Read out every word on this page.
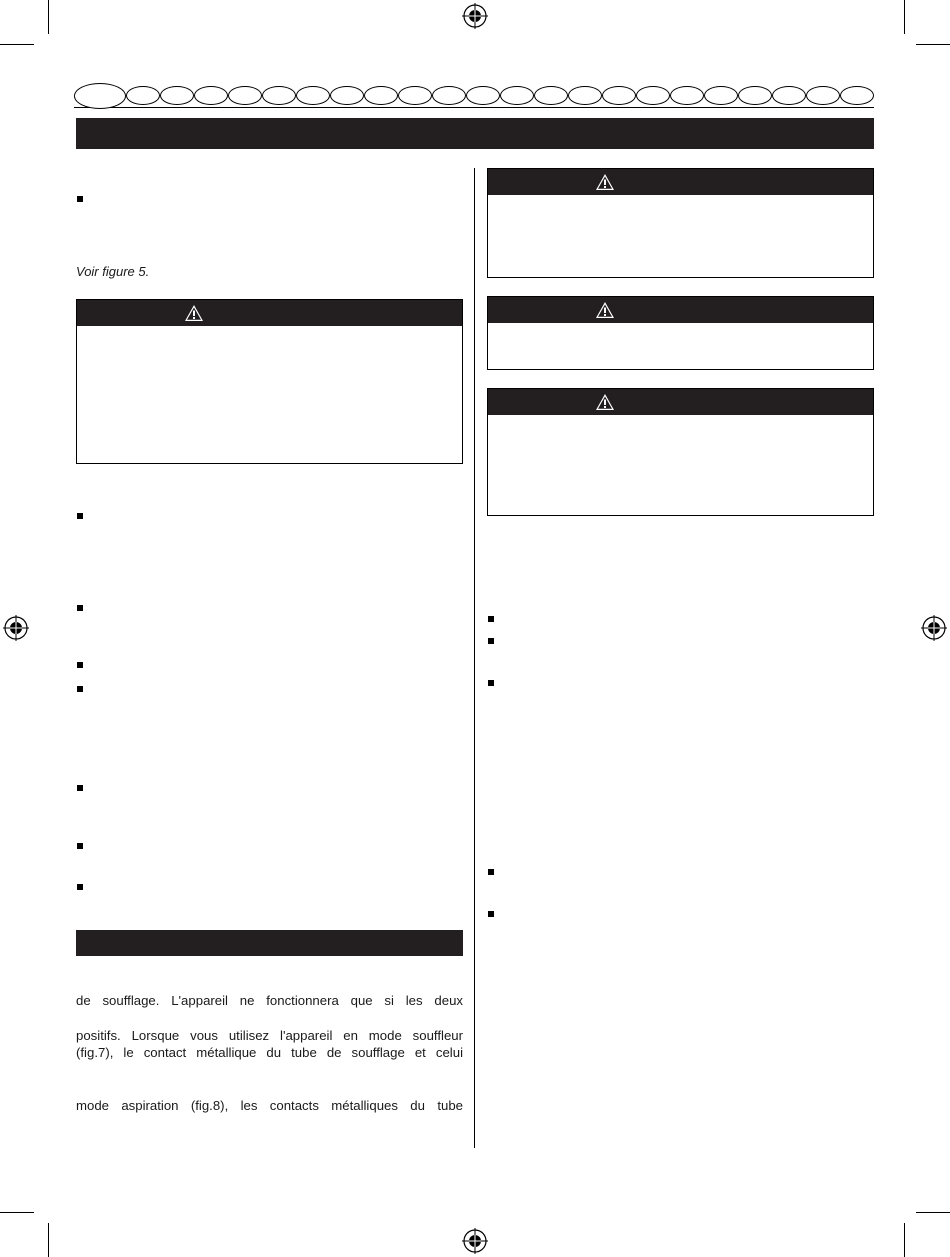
Voir figure 5.
de soufflage. L'appareil ne fonctionnera que si les deux
positifs. Lorsque vous utilisez l'appareil en mode souffleur
(fig.7), le contact métallique du tube de soufflage et celui
mode aspiration (fig.8), les contacts métalliques du tube
